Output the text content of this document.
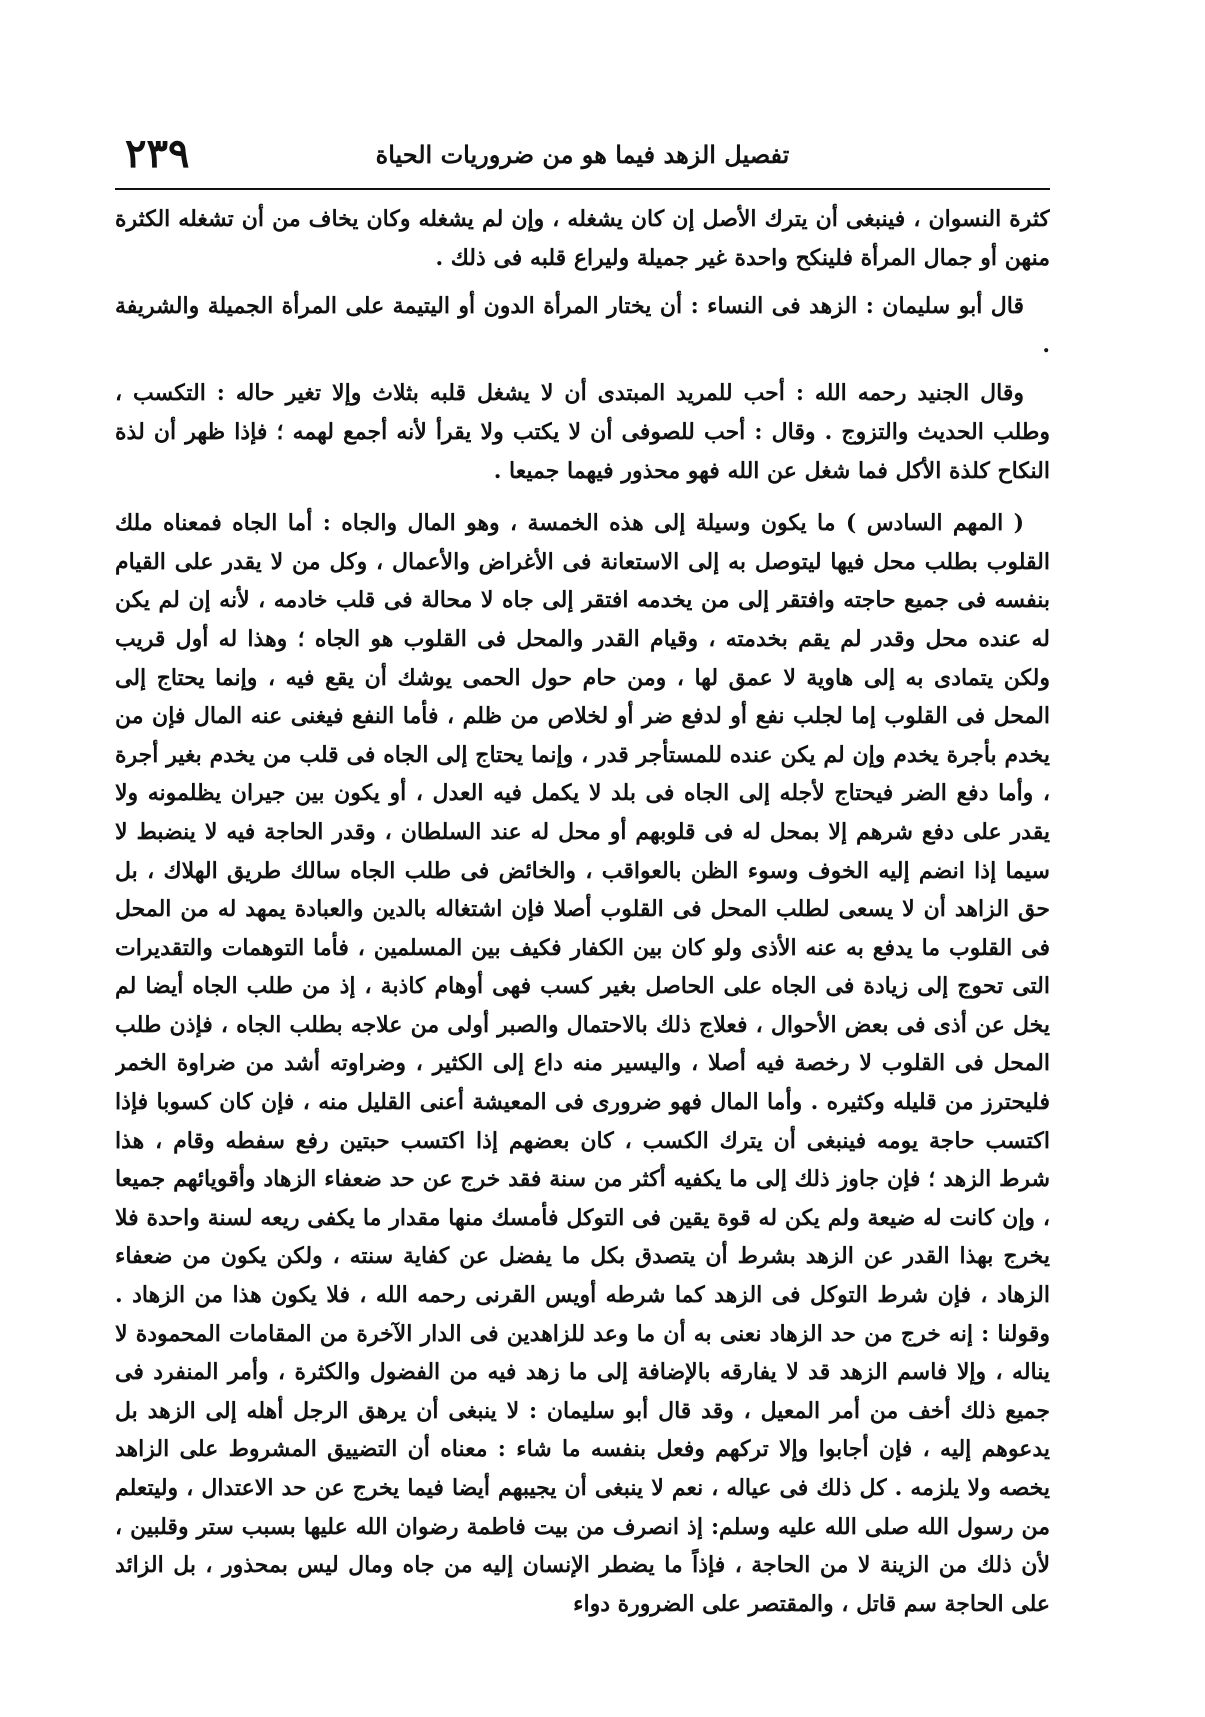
٢٣٩	تفصيل الزهد فيما هو من ضروريات الحياة

كثرة النسوان ، فينبغى أن يترك الأصل إن كان يشغله ، وإن لم يشغله وكان يخاف من أن تشغله الكثرة منهن أو جمال المرأة فلينكح واحدة غير جميلة وليراع قلبه فى ذلك .

قال أبو سليمان : الزهد فى النساء : أن يختار المرأة الدون أو اليتيمة على المرأة الجميلة والشريفة .

وقال الجنيد رحمه الله : أحب للمريد المبتدى أن لا يشغل قلبه بثلاث وإلا تغير حاله : التكسب ، وطلب الحديث والتزوج . وقال : أحب للصوفى أن لا يكتب ولا يقرأ لأنه أجمع لهمه ؛ فإذا ظهر أن لذة النكاح كلذة الأكل فما شغل عن الله فهو محذور فيهما جميعا .

( المهم السادس ) ما يكون وسيلة إلى هذه الخمسة ، وهو المال والجاه : أما الجاه فمعناه ملك القلوب بطلب محل فيها ليتوصل به إلى الاستعانة فى الأغراض والأعمال ، وكل من لا يقدر على القيام بنفسه فى جميع حاجته وافتقر إلى من يخدمه افتقر إلى جاه لا محالة فى قلب خادمه ، لأنه إن لم يكن له عنده محل وقدر لم يقم بخدمته ، وقيام القدر والمحل فى القلوب هو الجاه ؛ وهذا له أول قريب ولكن يتمادى به إلى هاوية لا عمق لها ، ومن حام حول الحمى يوشك أن يقع فيه ، وإنما يحتاج إلى المحل فى القلوب إما لجلب نفع أو لدفع ضر أو لخلاص من ظلم ، فأما النفع فيغنى عنه المال فإن من يخدم بأجرة يخدم وإن لم يكن عنده للمستأجر قدر ، وإنما يحتاج إلى الجاه فى قلب من يخدم بغير أجرة ، وأما دفع الضر فيحتاج لأجله إلى الجاه فى بلد لا يكمل فيه العدل ، أو يكون بين جيران يظلمونه ولا يقدر على دفع شرهم إلا بمحل له فى قلوبهم أو محل له عند السلطان ، وقدر الحاجة فيه لا ينضبط لا سيما إذا انضم إليه الخوف وسوء الظن بالعواقب ، والخائض فى طلب الجاه سالك طريق الهلاك ، بل حق الزاهد أن لا يسعى لطلب المحل فى القلوب أصلا فإن اشتغاله بالدين والعبادة يمهد له من المحل فى القلوب ما يدفع به عنه الأذى ولو كان بين الكفار فكيف بين المسلمين ، فأما التوهمات والتقديرات التى تحوج إلى زيادة فى الجاه على الحاصل بغير كسب فهى أوهام كاذبة ، إذ من طلب الجاه أيضا لم يخل عن أذى فى بعض الأحوال ، فعلاج ذلك بالاحتمال والصبر أولى من علاجه بطلب الجاه ، فإذن طلب المحل فى القلوب لا رخصة فيه أصلا ، واليسير منه داع إلى الكثير ، وضراوته أشد من ضراوة الخمر فليحترز من قليله وكثيره . وأما المال فهو ضرورى فى المعيشة أعنى القليل منه ، فإن كان كسوبا فإذا اكتسب حاجة يومه فينبغى أن يترك الكسب ، كان بعضهم إذا اكتسب حبتين رفع سفطه وقام ، هذا شرط الزهد ؛ فإن جاوز ذلك إلى ما يكفيه أكثر من سنة فقد خرج عن حد ضعفاء الزهاد وأقويائهم جميعا ، وإن كانت له ضيعة ولم يكن له قوة يقين فى التوكل فأمسك منها مقدار ما يكفى ريعه لسنة واحدة فلا يخرج بهذا القدر عن الزهد بشرط أن يتصدق بكل ما يفضل عن كفاية سنته ، ولكن يكون من ضعفاء الزهاد ، فإن شرط التوكل فى الزهد كما شرطه أويس القرنى رحمه الله ، فلا يكون هذا من الزهاد . وقولنا : إنه خرج من حد الزهاد نعنى به أن ما وعد للزاهدين فى الدار الآخرة من المقامات المحمودة لا يناله ، وإلا فاسم الزهد قد لا يفارقه بالإضافة إلى ما زهد فيه من الفضول والكثرة ، وأمر المنفرد فى جميع ذلك أخف من أمر المعيل ، وقد قال أبو سليمان : لا ينبغى أن يرهق الرجل أهله إلى الزهد بل يدعوهم إليه ، فإن أجابوا وإلا تركهم وفعل بنفسه ما شاء : معناه أن التضييق المشروط على الزاهد يخصه ولا يلزمه . كل ذلك فى عياله ، نعم لا ينبغى أن يجيبهم أيضا فيما يخرج عن حد الاعتدال ، وليتعلم من رسول الله صلى الله عليه وسلم: إذ انصرف من بيت فاطمة رضوان الله عليها بسبب ستر وقلبين ، لأن ذلك من الزينة لا من الحاجة ، فإذاً ما يضطر الإنسان إليه من جاه ومال ليس بمحذور ، بل الزائد على الحاجة سم قاتل ، والمقتصر على الضرورة دواء
